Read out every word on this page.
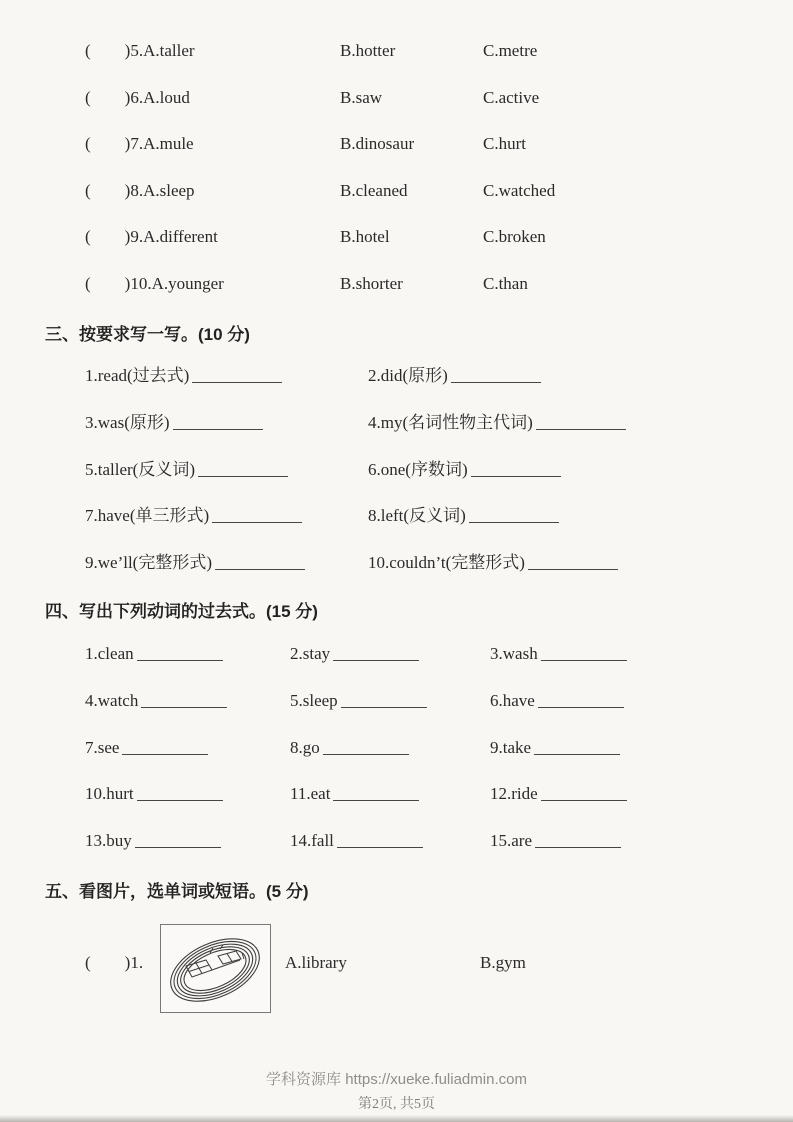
(　　)5.A.taller	B.hotter	C.metre
(　　)6.A.loud	B.saw	C.active
(　　)7.A.mule	B.dinosaur	C.hurt
(　　)8.A.sleep	B.cleaned	C.watched
(　　)9.A.different	B.hotel	C.broken
(　　)10.A.younger	B.shorter	C.than
三、按要求写一写。(10 分)
1.read(过去式)	2.did(原形)
3.was(原形)	4.my(名词性物主代词)
5.taller(反义词)	6.one(序数词)
7.have(单三形式)	8.left(反义词)
9.we’ll(完整形式)	10.couldn’t(完整形式)
四、写出下列动词的过去式。(15 分)
1.clean	2.stay	3.wash
4.watch	5.sleep	6.have
7.see	8.go	9.take
10.hurt	11.eat	12.ride
13.buy	14.fall	15.are
五、看图片，选单词或短语。(5 分)
(　　)1.	A.library	B.gym
学科资源库 https://xueke.fuliadmin.com
第2页, 共5页
